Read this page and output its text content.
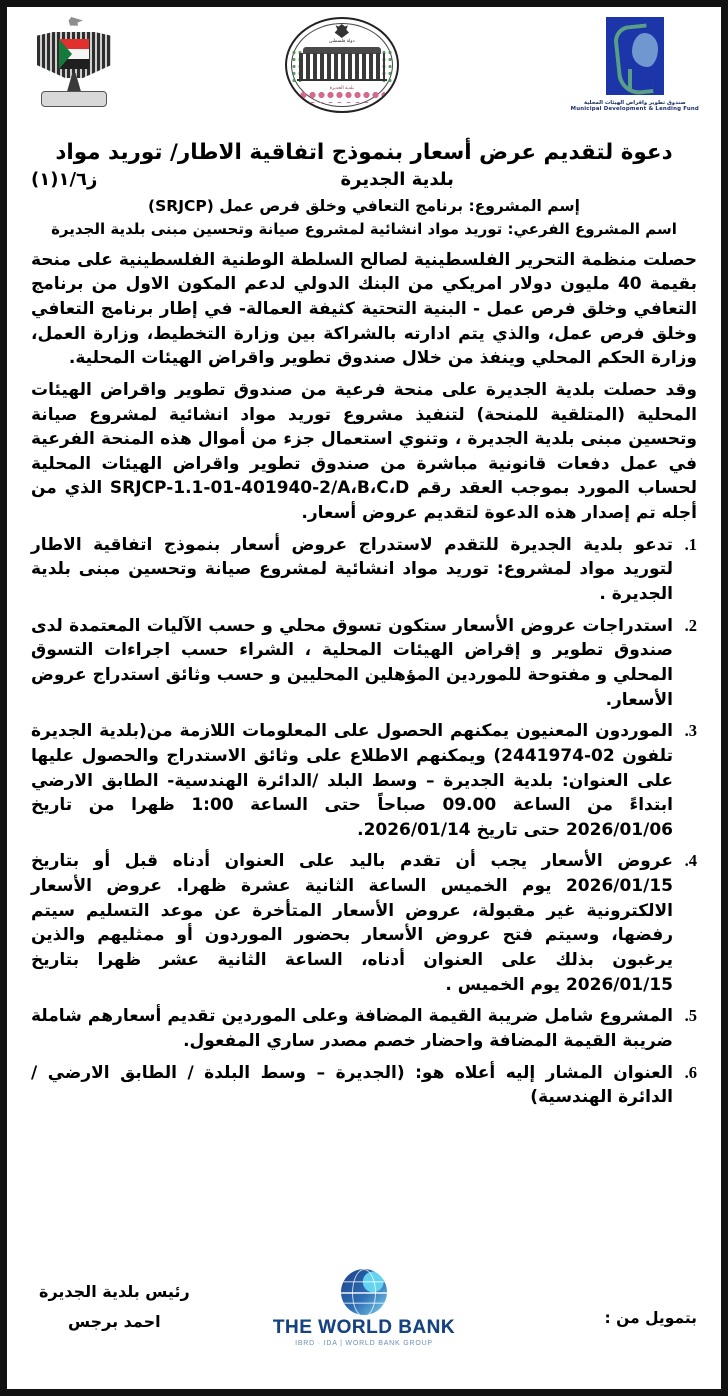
صندوق تطوير واقراض الهيئات المحلية
Municipal Development & Lending Fund
دولة فلسطين
بلدية الجديرة
دعوة لتقديم عرض أسعار بنموذج اتفاقية الاطار/ توريد مواد
بلدية الجديرة
ز١/٦(١)
إسم المشروع: برنامج التعافي وخلق فرص عمل (SRJCP)
اسم المشروع الفرعي: توريد مواد انشائية لمشروع صيانة وتحسين مبنى بلدية الجديرة

حصلت منظمة التحرير الفلسطينية لصالح السلطة الوطنية الفلسطينية على منحة بقيمة 40 مليون دولار امريكي من البنك الدولي لدعم المكون الاول من برنامج التعافي وخلق فرص عمل - البنية التحتية كثيفة العمالة- في إطار برنامج التعافي وخلق فرص عمل، والذي يتم ادارته بالشراكة بين وزارة التخطيط، وزارة العمل، وزارة الحكم المحلي وينفذ من خلال صندوق تطوير واقراض الهيئات المحلية.

وقد حصلت بلدية الجديرة على منحة فرعية من صندوق تطوير واقراض الهيئات المحلية (المتلقية للمنحة) لتنفيذ مشروع توريد مواد انشائية لمشروع صيانة وتحسين مبنى بلدية الجديرة ، وتنوي استعمال جزء من أموال هذه المنحة الفرعية في عمل دفعات قانونية مباشرة من صندوق تطوير واقراض الهيئات المحلية لحساب المورد بموجب العقد رقم SRJCP-1.1-01-401940-2/A،B،C،D الذي من أجله تم إصدار هذه الدعوة لتقديم عروض أسعار.

تدعو بلدية الجديرة للتقدم لاستدراج عروض أسعار بنموذج اتفاقية الاطار لتوريد مواد لمشروع: توريد مواد انشائية لمشروع صيانة وتحسين مبنى بلدية الجديرة .
استدراجات عروض الأسعار ستكون تسوق محلي و حسب الآليات المعتمدة لدى صندوق تطوير و إقراض الهيئات المحلية ، الشراء حسب اجراءات التسوق المحلي و مفتوحة للموردين المؤهلين المحليين و حسب وثائق استدراج عروض الأسعار.
الموردون المعنيون يمكنهم الحصول على المعلومات اللازمة من(بلدية الجديرة تلفون 02-2441974) ويمكنهم الاطلاع على وثائق الاستدراج والحصول عليها على العنوان: بلدية الجديرة – وسط البلد /الدائرة الهندسية- الطابق الارضي ابتداءً من الساعة 09.00 صباحاً حتى الساعة 1:00 ظهرا من تاريخ 2026/01/06 حتى تاريخ 2026/01/14.
عروض الأسعار يجب أن تقدم باليد على العنوان أدناه قبل أو بتاريخ 2026/01/15 يوم الخميس الساعة الثانية عشرة ظهرا. عروض الأسعار الالكترونية غير مقبولة، عروض الأسعار المتأخرة عن موعد التسليم سيتم رفضها، وسيتم فتح عروض الأسعار بحضور الموردون أو ممثليهم والذين يرغبون بذلك على العنوان أدناه، الساعة الثانية عشر ظهرا بتاريخ 2026/01/15 يوم الخميس .
المشروع شامل ضريبة القيمة المضافة وعلى الموردين تقديم أسعارهم شاملة ضريبة القيمة المضافة واحضار خصم مصدر ساري المفعول.
العنوان المشار إليه أعلاه هو: (الجديرة – وسط البلدة / الطابق الارضي / الدائرة الهندسية)
بتمويل من :
THE WORLD BANK
IBRD · IDA | WORLD BANK GROUP
رئيس بلدية الجديرة
احمد برجس
